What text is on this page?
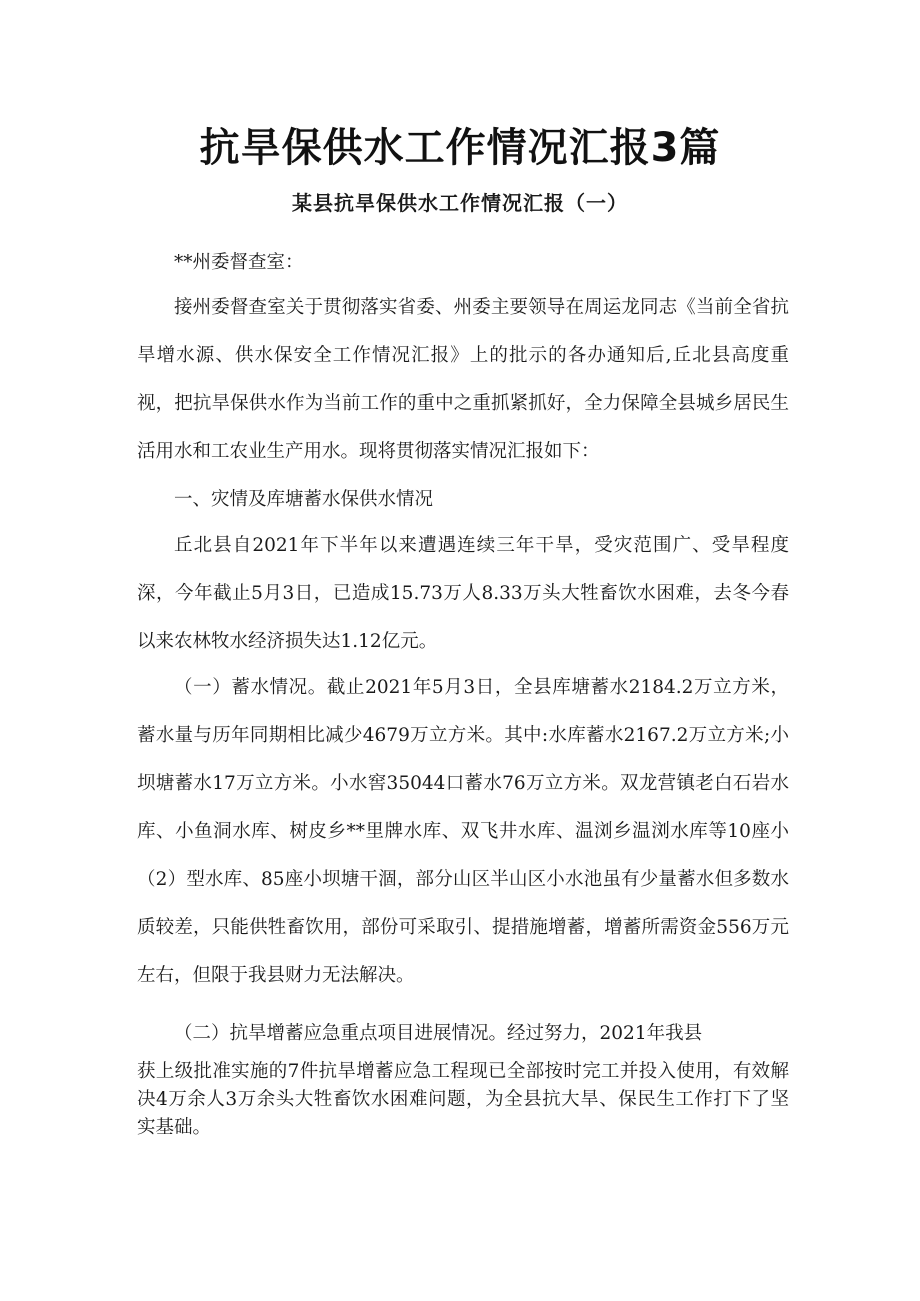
抗旱保供水工作情况汇报3篇
某县抗旱保供水工作情况汇报（一）

**州委督查室：

接州委督查室关于贯彻落实省委、州委主要领导在周运龙同志《当前全省抗旱增水源、供水保安全工作情况汇报》上的批示的各办通知后,丘北县高度重视，把抗旱保供水作为当前工作的重中之重抓紧抓好，全力保障全县城乡居民生活用水和工农业生产用水。现将贯彻落实情况汇报如下：

一、灾情及库塘蓄水保供水情况

丘北县自2021年下半年以来遭遇连续三年干旱，受灾范围广、受旱程度深，今年截止5月3日，已造成15.73万人8.33万头大牲畜饮水困难，去冬今春以来农林牧水经济损失达1.12亿元。

（一）蓄水情况。截止2021年5月3日，全县库塘蓄水2184.2万立方米，蓄水量与历年同期相比减少4679万立方米。其中:水库蓄水2167.2万立方米;小坝塘蓄水17万立方米。小水窖35044口蓄水76万立方米。双龙营镇老白石岩水库、小鱼洞水库、树皮乡**里牌水库、双飞井水库、温浏乡温浏水库等10座小（2）型水库、85座小坝塘干涸，部分山区半山区小水池虽有少量蓄水但多数水质较差，只能供牲畜饮用，部份可采取引、提措施增蓄，增蓄所需资金556万元左右，但限于我县财力无法解决。

（二）抗旱增蓄应急重点项目进展情况。经过努力，2021年我县

获上级批准实施的7件抗旱增蓄应急工程现已全部按时完工并投入使用，有效解决4万余人3万余头大牲畜饮水困难问题，为全县抗大旱、保民生工作打下了坚实基础。
